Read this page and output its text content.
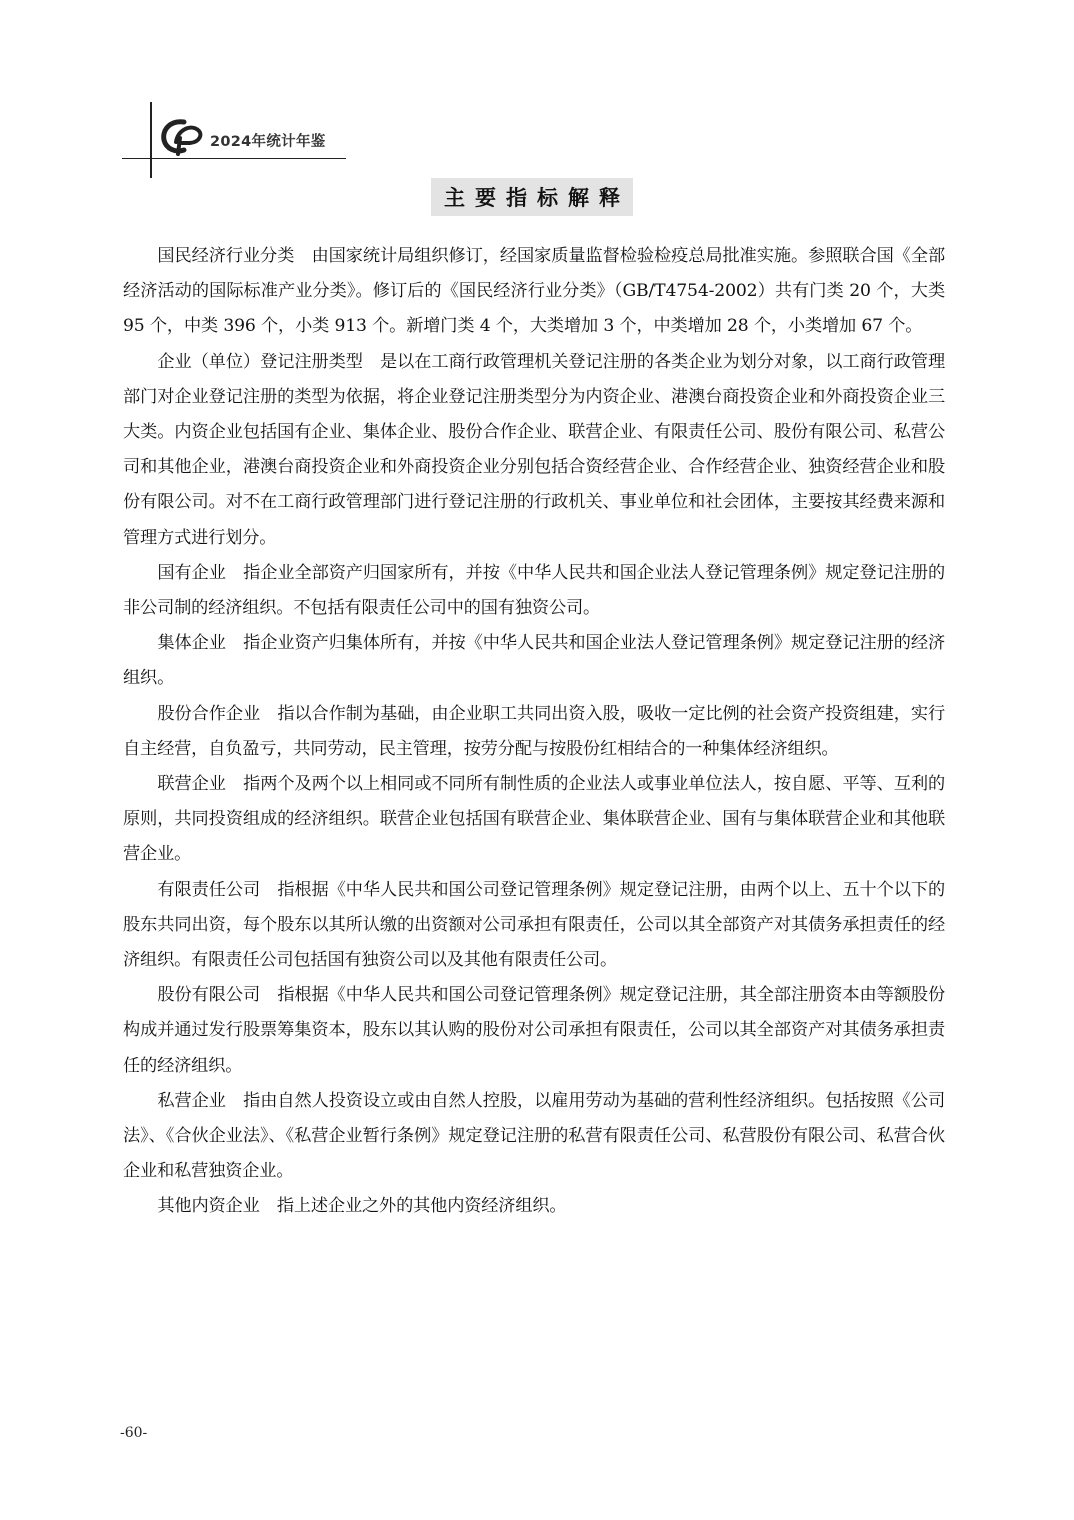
2024年统计年鉴
主要指标解释

国民经济行业分类 由国家统计局组织修订，经国家质量监督检验检疫总局批准实施。参照联合国《全部经济活动的国际标准产业分类》。修订后的《国民经济行业分类》（GB/T4754-2002）共有门类 20 个，大类 95 个，中类 396 个，小类 913 个。新增门类 4 个，大类增加 3 个，中类增加 28 个，小类增加 67 个。

企业（单位）登记注册类型 是以在工商行政管理机关登记注册的各类企业为划分对象，以工商行政管理部门对企业登记注册的类型为依据，将企业登记注册类型分为内资企业、港澳台商投资企业和外商投资企业三大类。内资企业包括国有企业、集体企业、股份合作企业、联营企业、有限责任公司、股份有限公司、私营公司和其他企业，港澳台商投资企业和外商投资企业分别包括合资经营企业、合作经营企业、独资经营企业和股份有限公司。对不在工商行政管理部门进行登记注册的行政机关、事业单位和社会团体，主要按其经费来源和管理方式进行划分。

国有企业 指企业全部资产归国家所有，并按《中华人民共和国企业法人登记管理条例》规定登记注册的非公司制的经济组织。不包括有限责任公司中的国有独资公司。

集体企业 指企业资产归集体所有，并按《中华人民共和国企业法人登记管理条例》规定登记注册的经济组织。

股份合作企业 指以合作制为基础，由企业职工共同出资入股，吸收一定比例的社会资产投资组建，实行自主经营，自负盈亏，共同劳动，民主管理，按劳分配与按股份红相结合的一种集体经济组织。

联营企业 指两个及两个以上相同或不同所有制性质的企业法人或事业单位法人，按自愿、平等、互利的原则，共同投资组成的经济组织。联营企业包括国有联营企业、集体联营企业、国有与集体联营企业和其他联营企业。

有限责任公司 指根据《中华人民共和国公司登记管理条例》规定登记注册，由两个以上、五十个以下的股东共同出资，每个股东以其所认缴的出资额对公司承担有限责任，公司以其全部资产对其债务承担责任的经济组织。有限责任公司包括国有独资公司以及其他有限责任公司。

股份有限公司 指根据《中华人民共和国公司登记管理条例》规定登记注册，其全部注册资本由等额股份构成并通过发行股票筹集资本，股东以其认购的股份对公司承担有限责任，公司以其全部资产对其债务承担责任的经济组织。

私营企业 指由自然人投资设立或由自然人控股，以雇用劳动为基础的营利性经济组织。包括按照《公司法》、《合伙企业法》、《私营企业暂行条例》规定登记注册的私营有限责任公司、私营股份有限公司、私营合伙企业和私营独资企业。

其他内资企业 指上述企业之外的其他内资经济组织。

-60-
